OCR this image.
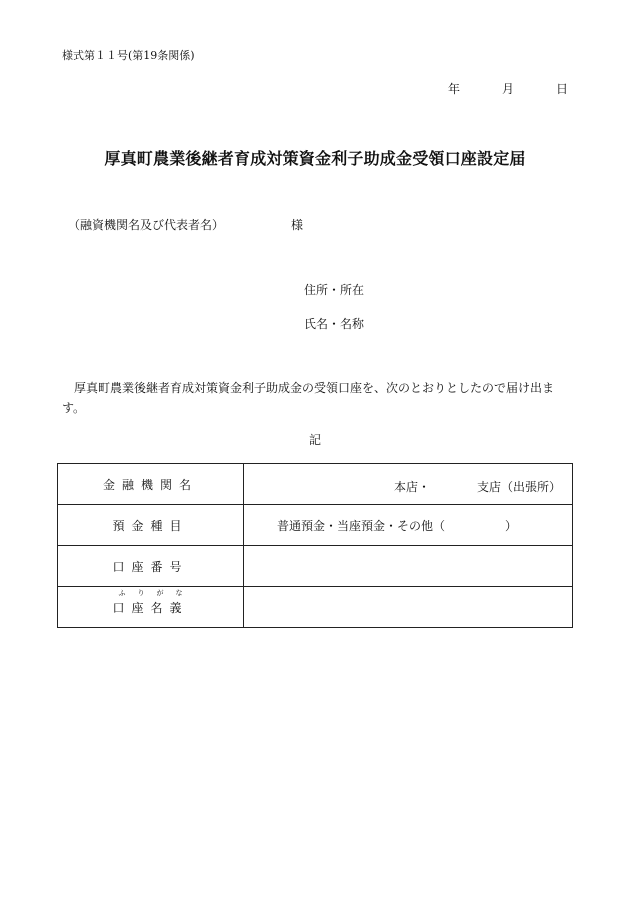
様式第１１号(第19条関係)
年	月	日
厚真町農業後継者育成対策資金利子助成金受領口座設定届
（融資機関名及び代表者名）	様
住所・所在
氏名・名称
厚真町農業後継者育成対策資金利子助成金の受領口座を、次のとおりとしたので届け出ます。
記
金融機関名	本店・ 支店（出張所）

預金種目	普通預金・当座預金・その他（　　　　　）
口座番号	

ふ り が な
口座名義	
